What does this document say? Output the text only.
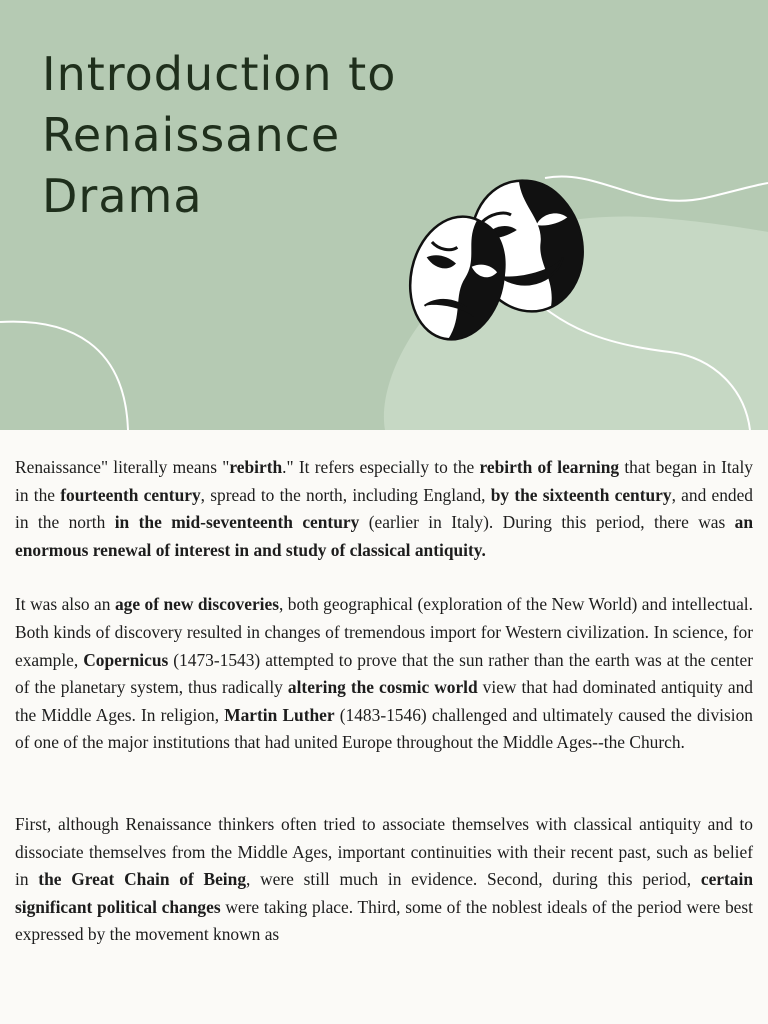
Introduction to
Renaissance
Drama

Renaissance" literally means "rebirth." It refers especially to the rebirth of learning that began in Italy in the fourteenth century, spread to the north, including England, by the sixteenth century, and ended in the north in the mid-seventeenth century (earlier in Italy). During this period, there was an enormous renewal of interest in and study of classical antiquity.

It was also an age of new discoveries, both geographical (exploration of the New World) and intellectual. Both kinds of discovery resulted in changes of tremendous import for Western civilization. In science, for example, Copernicus (1473-1543) attempted to prove that the sun rather than the earth was at the center of the planetary system, thus radically altering the cosmic world view that had dominated antiquity and the Middle Ages. In religion, Martin Luther (1483-1546) challenged and ultimately caused the division of one of the major institutions that had united Europe throughout the Middle Ages--the Church.

First, although Renaissance thinkers often tried to associate themselves with classical antiquity and to dissociate themselves from the Middle Ages, important continuities with their recent past, such as belief in the Great Chain of Being, were still much in evidence. Second, during this period, certain significant political changes were taking place. Third, some of the noblest ideals of the period were best expressed by the movement known as
